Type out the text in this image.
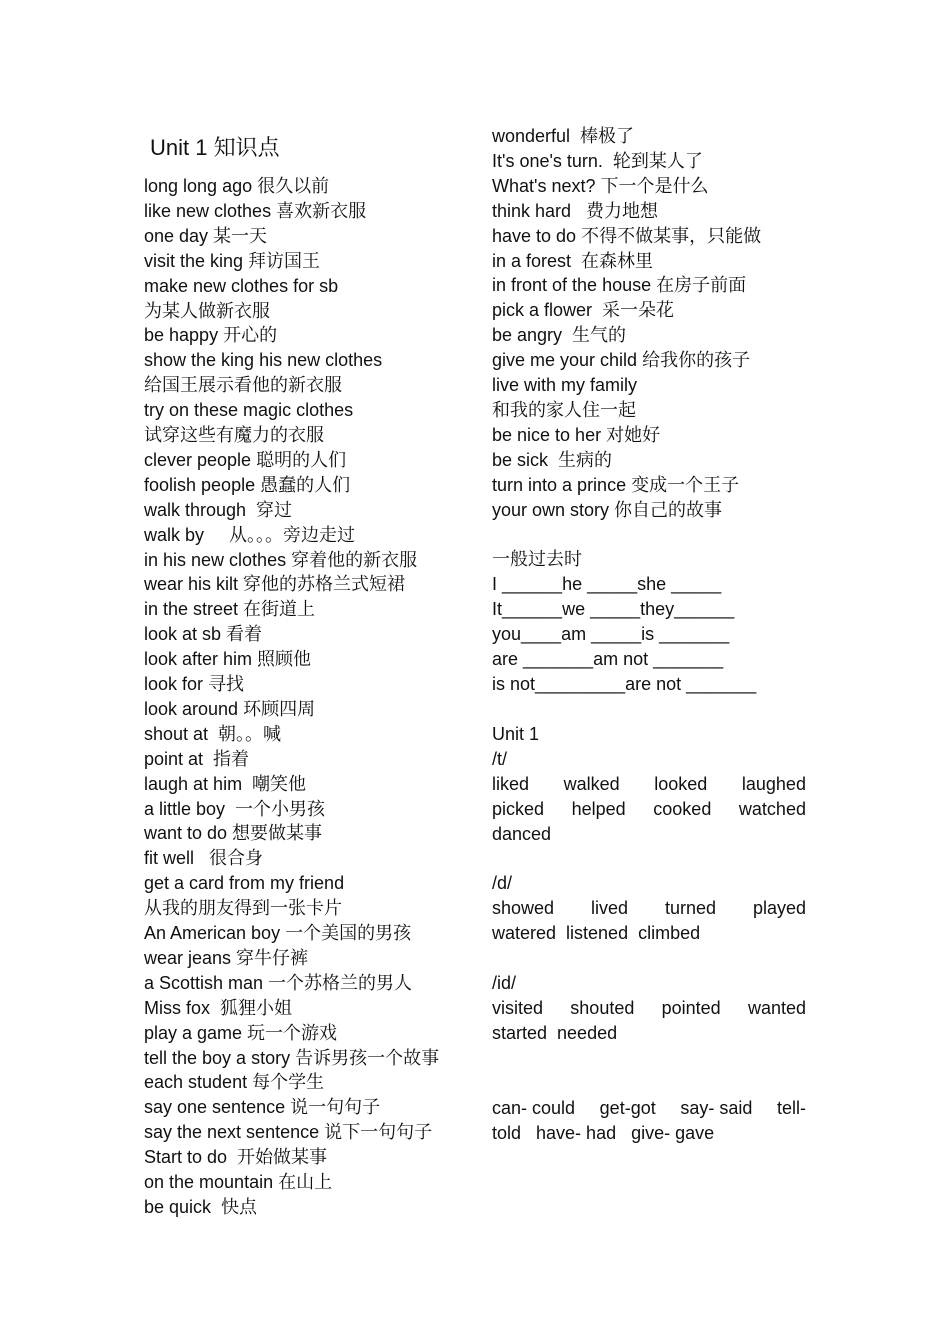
Unit 1 知识点
long long ago 很久以前
like new clothes 喜欢新衣服
one day 某一天
visit the king 拜访国王
make new clothes for sb
为某人做新衣服
be happy 开心的
show the king his new clothes
给国王展示看他的新衣服
try on these magic clothes
试穿这些有魔力的衣服
clever people 聪明的人们
foolish people 愚蠢的人们
walk through  穿过
walk by     从。。。旁边走过
in his new clothes 穿着他的新衣服
wear his kilt 穿他的苏格兰式短裙
in the street 在街道上
look at sb 看着
look after him 照顾他
look for 寻找
look around 环顾四周
shout at  朝。。喊
point at  指着
laugh at him  嘲笑他
a little boy  一个小男孩
want to do 想要做某事
fit well   很合身
get a card from my friend
从我的朋友得到一张卡片
An American boy 一个美国的男孩
wear jeans 穿牛仔裤
a Scottish man 一个苏格兰的男人
Miss fox  狐狸小姐
play a game 玩一个游戏
tell the boy a story 告诉男孩一个故事
each student 每个学生
say one sentence 说一句句子
say the next sentence 说下一句句子
Start to do  开始做某事
on the mountain 在山上
be quick  快点
wonderful  棒极了
It's one's turn.  轮到某人了
What's next? 下一个是什么
think hard   费力地想
have to do 不得不做某事，只能做
in a forest  在森林里
in front of the house 在房子前面
pick a flower  采一朵花
be angry  生气的
give me your child 给我你的孩子
live with my family
和我的家人住一起
be nice to her 对她好
be sick  生病的
turn into a prince 变成一个王子
your own story 你自己的故事
一般过去时
I ______he _____she _____
It______we _____they______
you____am _____is _______
are _______am not _______
is not_________are not _______
Unit 1
/t/
liked walked looked laughed
picked helped cooked watched
danced
/d/
showed lived turned played
watered  listened  climbed
/id/
visited shouted pointed wanted
started  needed
can- could get-got say- said tell-
told   have- had   give- gave
